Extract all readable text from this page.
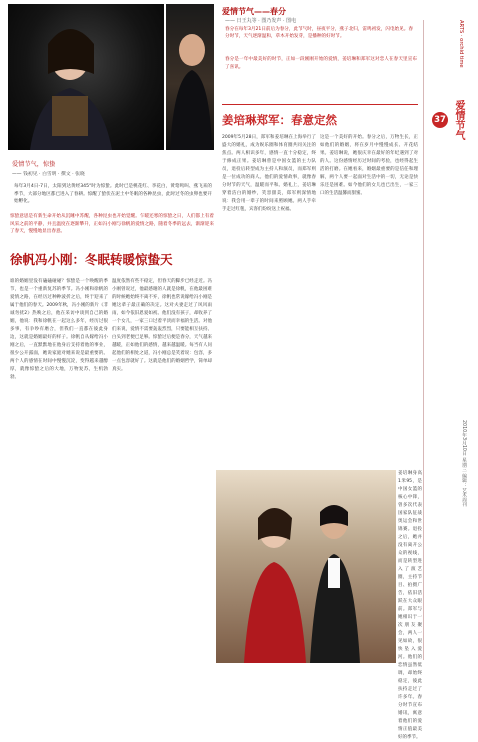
爱情节气，惊蛰
—— 钱初见 · 白雪明 · 撰文 · 张晓
每年3月4日-7日，太阳到达黄经345°时为惊蛰。此时已是桃花红、李花白，黄莺鸣叫、燕飞来的季节，大部分地区都已进入了春耕。惊醒了蛰伏在泥土中冬眠的各种昆虫，此时过冬的虫卵也要开始孵化。
惊蛰意思是有新生命开始从沉睡中苏醒，各种昆虫也开始觉醒。乍暖还寒的惊蛰之日，人们都上有着风采之前的平静，并且温度在逐渐攀升，正如冯小刚与徐帆的爱情之路，随着冬季的远去，渐渐迎来了春天，慢慢地显出春意。
徐帆冯小刚：冬眠转暖惊蛰天
谁的婚姻里没有磕磕碰碰？惊蛰是一个唤醒的季节，也是一个重新复苏的季节。冯小刚和徐帆的爱情之路，在经历过种种波折之后，终于迎来了属于他们的春天。2009年秋，冯小刚的新片《非诚勿扰2》热映之后，他在采访中谈到自己的婚姻，他说：我和徐帆在一起这么多年，经历过很多事，有争吵有磨合，但我们一直都在彼此身边，这就是婚姻最好的样子。徐帆自从嫁给冯小刚之后，一直默默地在他身后支持着他的事业，很少公开露面，她说家庭对她来说是最重要的。两个人的感情在时间中慢慢沉淀，变得越来越醇厚，就像惊蛰之后的大地，万物复苏，生机勃勃。
温度依然有些不稳定，但春天的脚步已经走近。冯小刚曾说过，他最感谢的人就是徐帆，在他最困难的时候她始终不离不弃，徐帆也常说嫁给冯小刚是她这辈子最正确的决定。这对夫妻走过了风风雨雨，如今依旧恩爱如初。他们没有孩子，却收养了一个女儿，一家三口过着平淡而幸福的生活。对他们来说，爱情不需要轰轰烈烈，只要能相互扶持、白头到老便已足够。惊蛰过后便是春分，天气越来越暖，正如他们的感情，越来越温暖。每当有人问起他们的相处之道，冯小刚总是笑着说：包容，多一点包容就好了。这就是他们的婚姻哲学，简单却真实。
爱情节气——春分
—— 日王丸等 · 图乃发声 · 图电
春分在每年3月21日前后为春分，此节气时，昼夜平分，燕子北归，雷鸣初发，闪电始见。春分时节，天气逐渐温和，草木开始发芽，是播种的好时节。
春分是一年中最美好的时节，正如一段刚刚开始的爱情，姜培琳和郑军这对恋人在春天里宣布了喜讯。
姜培琳郑军：春意定然
2009年5月28日，郑军和姜培琳在上海举行了盛大的婚礼，成为娱乐圈和体育圈共同关注的焦点。两人相识多年，感情一直十分稳定，终于修成正果。姜培琳曾是中国女篮的主力队员，退役后转型成为主持人和演员，而郑军则是一位成功的商人。他们的爱情故事，就像春分时节的天气，温暖而平和。婚礼上，姜培琳穿着洁白的婚纱，笑容甜美，郑军则深情地说：我会用一辈子的时间来照顾她。两人手牵手走过红毯，宾客们纷纷送上祝福。
这是一个美好的开始。春分之后，万物生长，正如他们的婚姻，将在岁月中慢慢成长、开花结果。姜培琳说，她很庆幸在最好的年纪遇到了对的人。这份感情经历过时间的考验，也经得起生活的打磨。在她看来，婚姻最重要的是信任和理解，两个人要一起面对生活中的一切，无论是快乐还是困难。如今他们的女儿也已出生，一家三口的生活温馨而甜蜜。
姜培琳身高1米95，是中国女篮的核心中锋，曾多次代表国家队征战奥运会和世锦赛。退役之后，她并没有离开公众的视线，而是转型进入了演艺圈，主持节目、拍摄广告，依旧活跃在大众眼前。郑军与她相识于一次朋友聚会，两人一见如故，很快坠入爱河。他们的恋情虽然低调，却始终稳定，彼此扶持走过了许多年。春分时节宣布婚讯，寓意着他们的爱情正值最美好的季节。
37 爱情节气
ARTS · orchid time
2010年3月10日 星期三 编辑：艺术周刊
